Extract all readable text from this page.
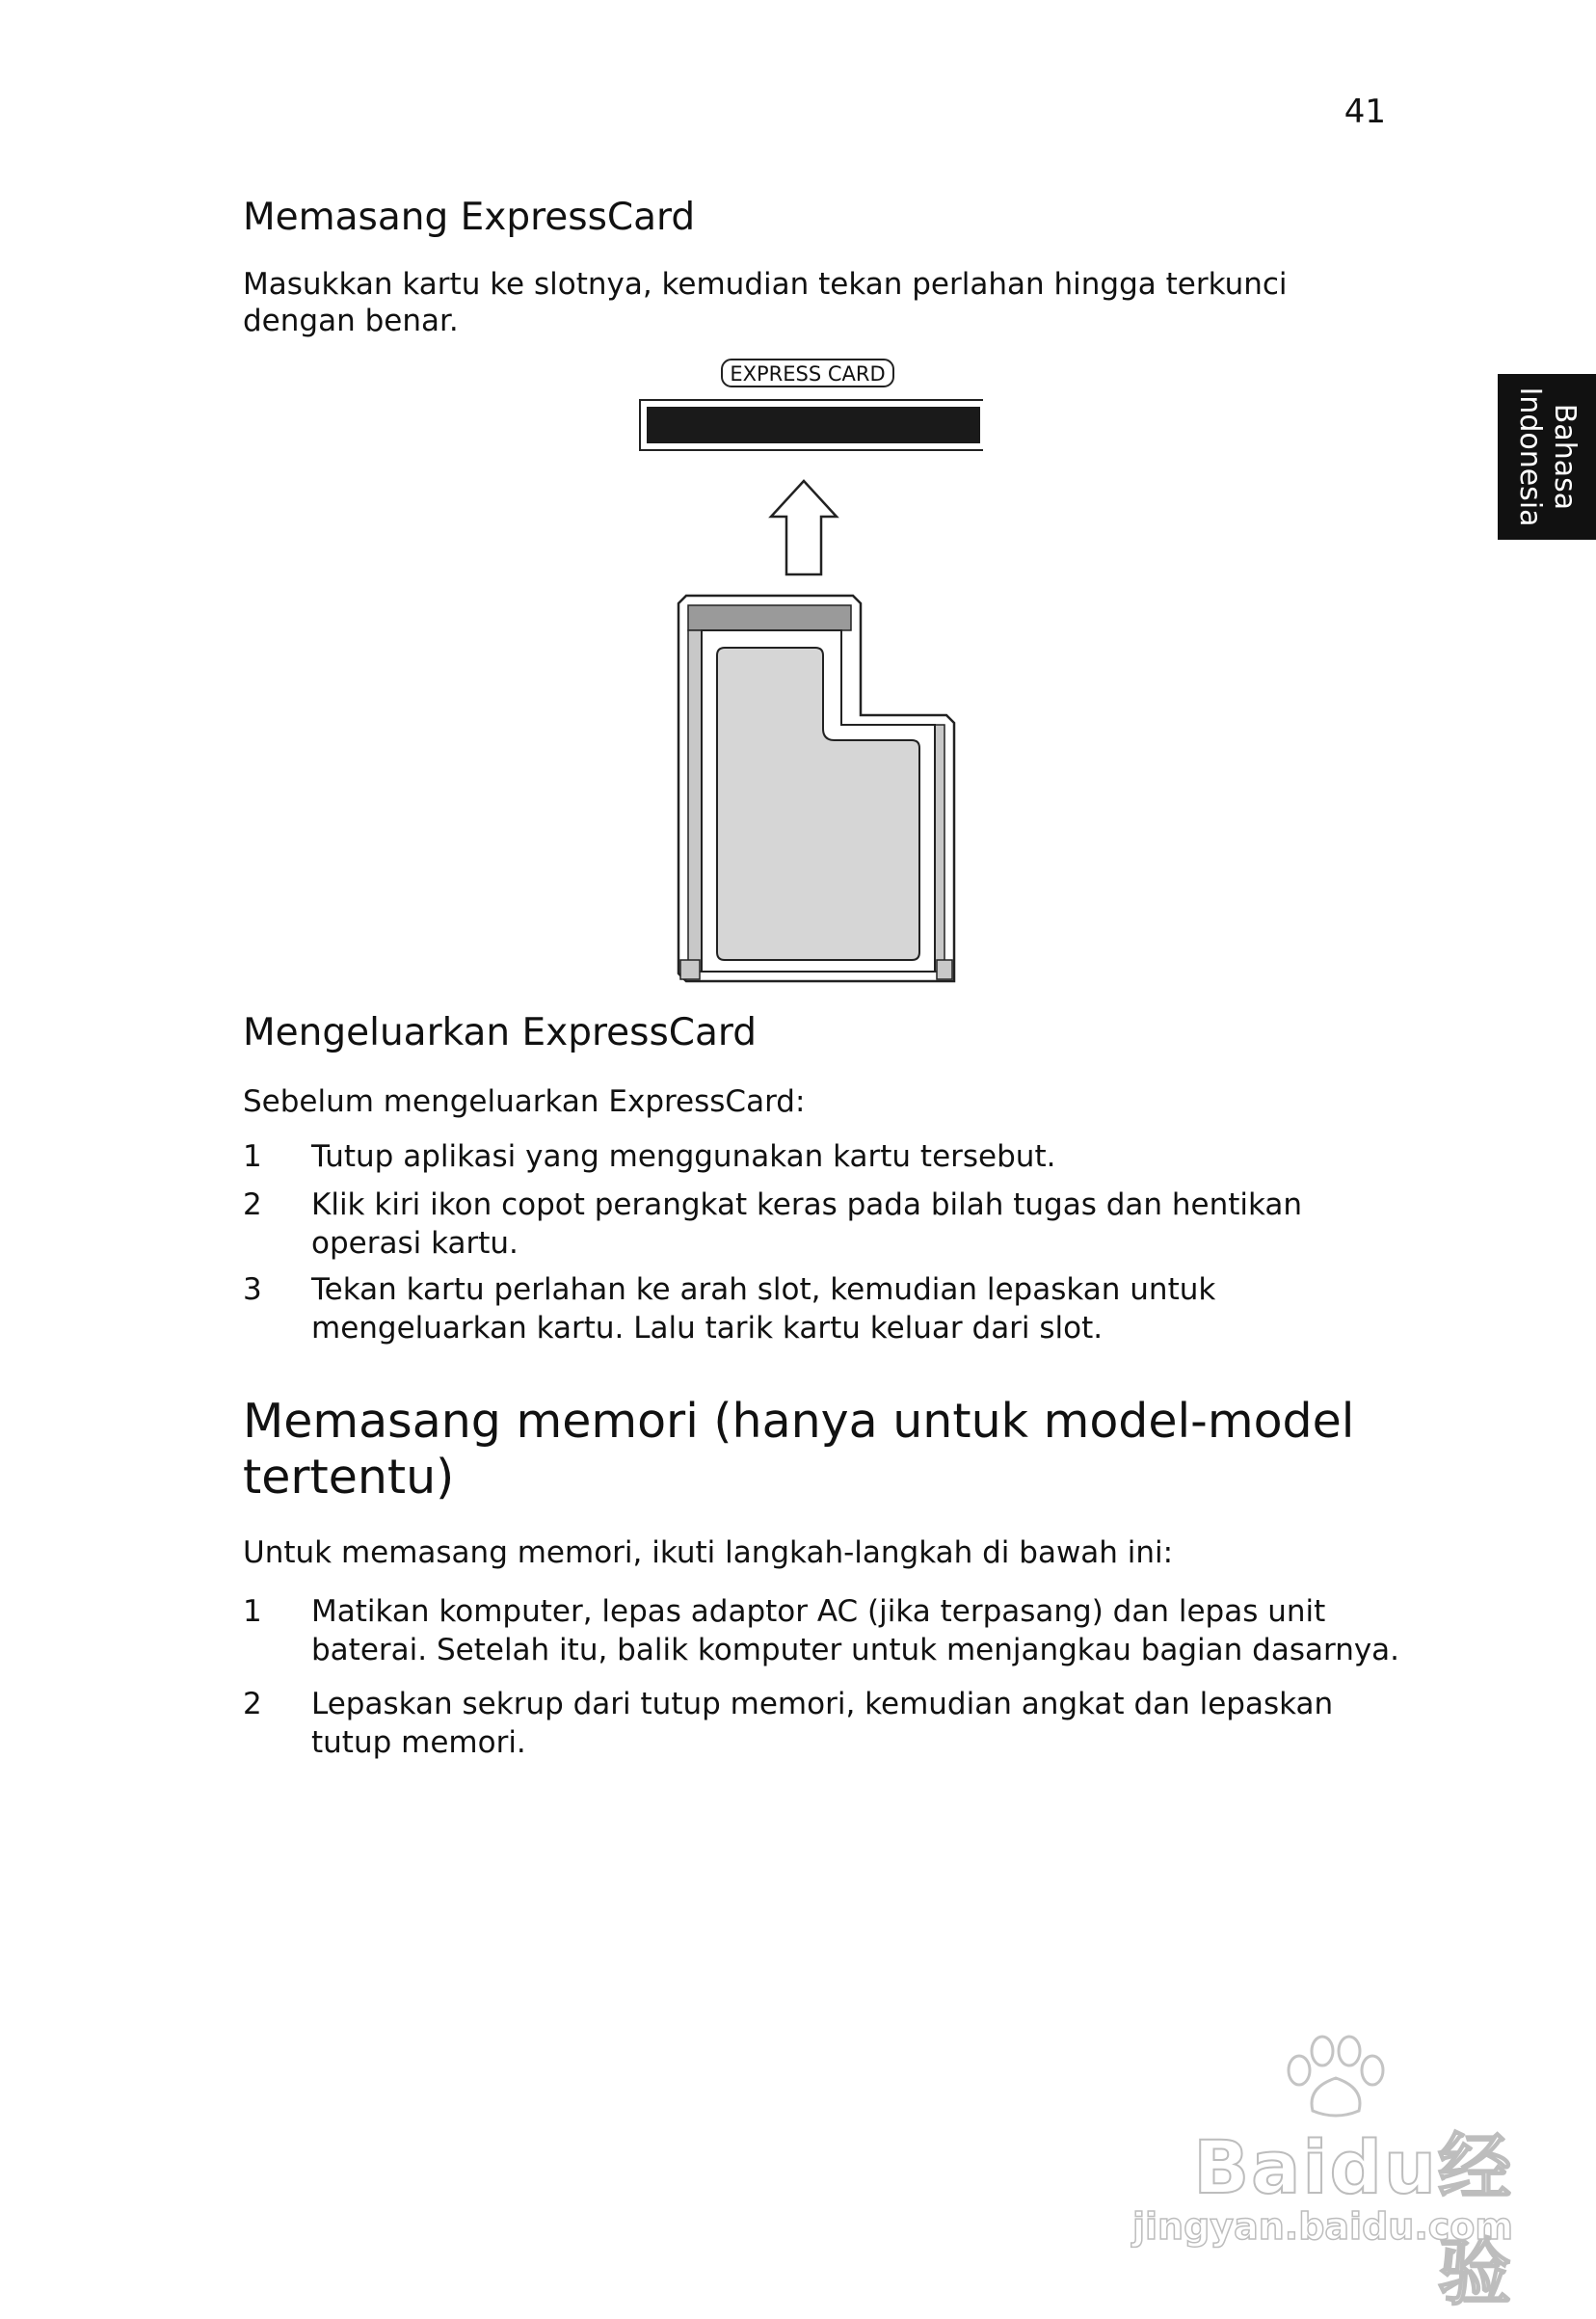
41
Bahasa
Indonesia
Memasang ExpressCard
Masukkan kartu ke slotnya, kemudian tekan perlahan hingga terkunci dengan benar.
EXPRESS CARD
Mengeluarkan ExpressCard
Sebelum mengeluarkan ExpressCard:
1 Tutup aplikasi yang menggunakan kartu tersebut.
2 Klik kiri ikon copot perangkat keras pada bilah tugas dan hentikan operasi kartu.
3 Tekan kartu perlahan ke arah slot, kemudian lepaskan untuk mengeluarkan kartu. Lalu tarik kartu keluar dari slot.
Memasang memori (hanya untuk model-model tertentu)
Untuk memasang memori, ikuti langkah-langkah di bawah ini:
1 Matikan komputer, lepas adaptor AC (jika terpasang) dan lepas unit baterai. Setelah itu, balik komputer untuk menjangkau bagian dasarnya.
2 Lepaskan sekrup dari tutup memori, kemudian angkat dan lepaskan tutup memori.
Baidu经验
jingyan.baidu.com
